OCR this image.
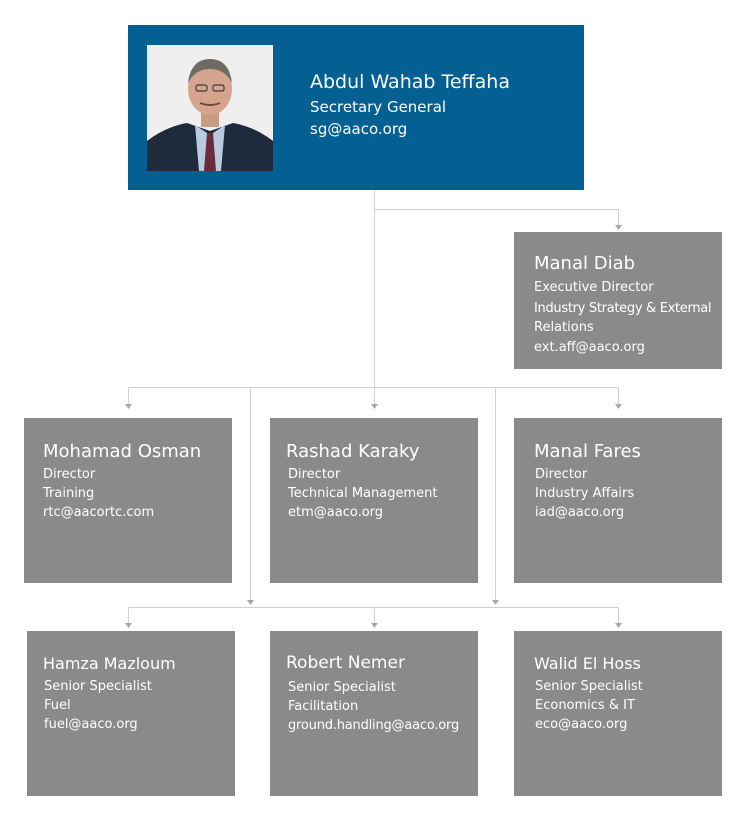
Abdul Wahab Teffaha
Secretary General
sg@aaco.org
Manal Diab
Executive Director
Industry Strategy & External
Relations
ext.aff@aaco.org
Mohamad Osman
Director
Training
rtc@aacortc.com
Rashad Karaky
Director
Technical Management
etm@aaco.org
Manal Fares
Director
Industry Affairs
iad@aaco.org
Hamza Mazloum
Senior Specialist
Fuel
fuel@aaco.org
Robert Nemer
Senior Specialist
Facilitation
ground.handling@aaco.org
Walid El Hoss
Senior Specialist
Economics & IT
eco@aaco.org
